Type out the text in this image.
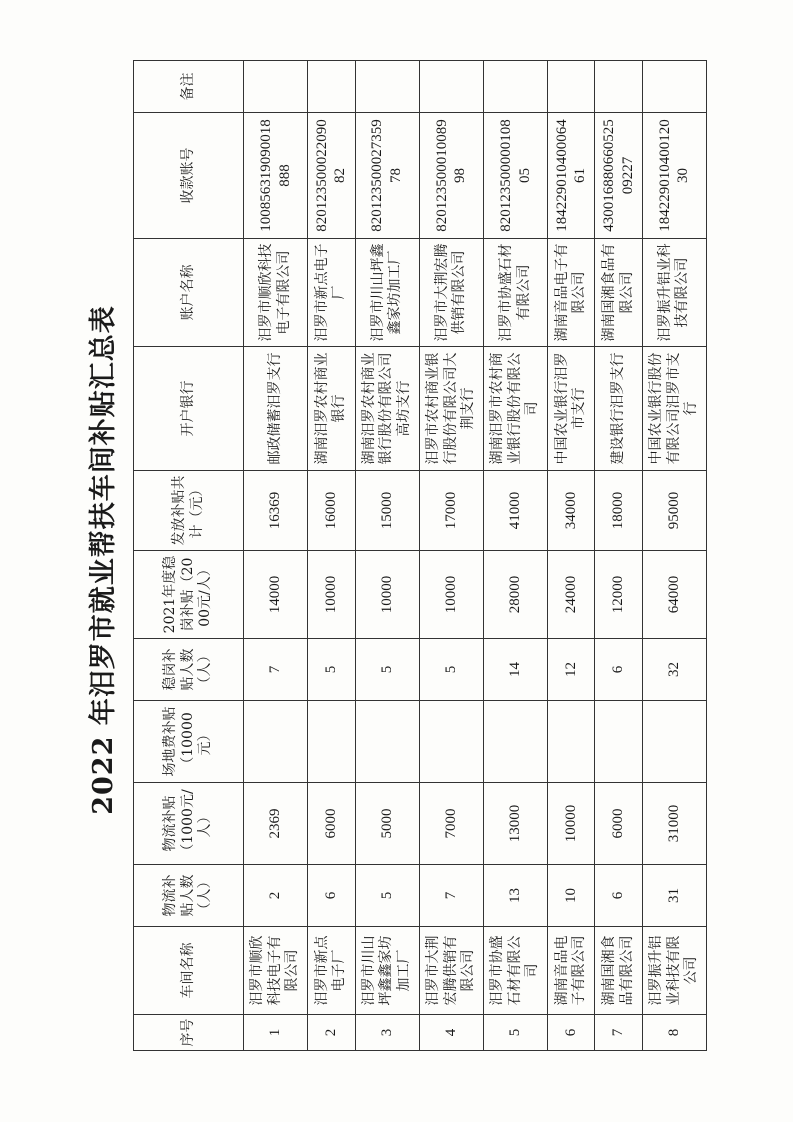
2022 年汨罗市就业帮扶车间补贴汇总表
序号	车间名称	物流补贴人数（人）	物流补贴（1000元/人）	场地费补贴（10000元）	稳岗补贴人数（人）	2021年度稳岗补贴（2000元/人）	发放补贴共计（元）	开户银行	账户名称	收款账号	备注
1	汨罗市顺欣科技电子有限公司	2	2369		7	14000	16369	邮政储蓄汨罗支行	汨罗市顺欣科技电子有限公司	100856319090018888	
2	汨罗市新点电子厂	6	6000		5	10000	16000	湖南汨罗农村商业银行	汨罗市新点电子厂	82012350002209082	
3	汨罗市川山坪鑫鑫家坊加工厂	5	5000		5	10000	15000	湖南汨罗农村商业银行股份有限公司高坊支行	汨罗市川山坪鑫鑫家坊加工厂	82012350002735978	
4	汨罗市大荆宏腾供销有限公司	7	7000		5	10000	17000	汨罗市农村商业银行股份有限公司大荆支行	汨罗市大荆宏腾供销有限公司	82012350001008998	
5	汨罗市协盛石材有限公司	13	13000		14	28000	41000	湖南汨罗市农村商业银行股份有限公司	汨罗市协盛石材有限公司	82012350000010805	
6	湖南音品电子有限公司	10	10000		12	24000	34000	中国农业银行汨罗市支行	湖南音品电子有限公司	18422901040006461	
7	湖南国湘食品有限公司	6	6000		6	12000	18000	建设银行汨罗支行	湖南国湘食品有限公司	43001688066052509227	
8	汨罗振升铝业科技有限公司	31	31000		32	64000	95000	中国农业银行股份有限公司汨罗市支行	汨罗振升铝业科技有限公司	18422901040012030	
